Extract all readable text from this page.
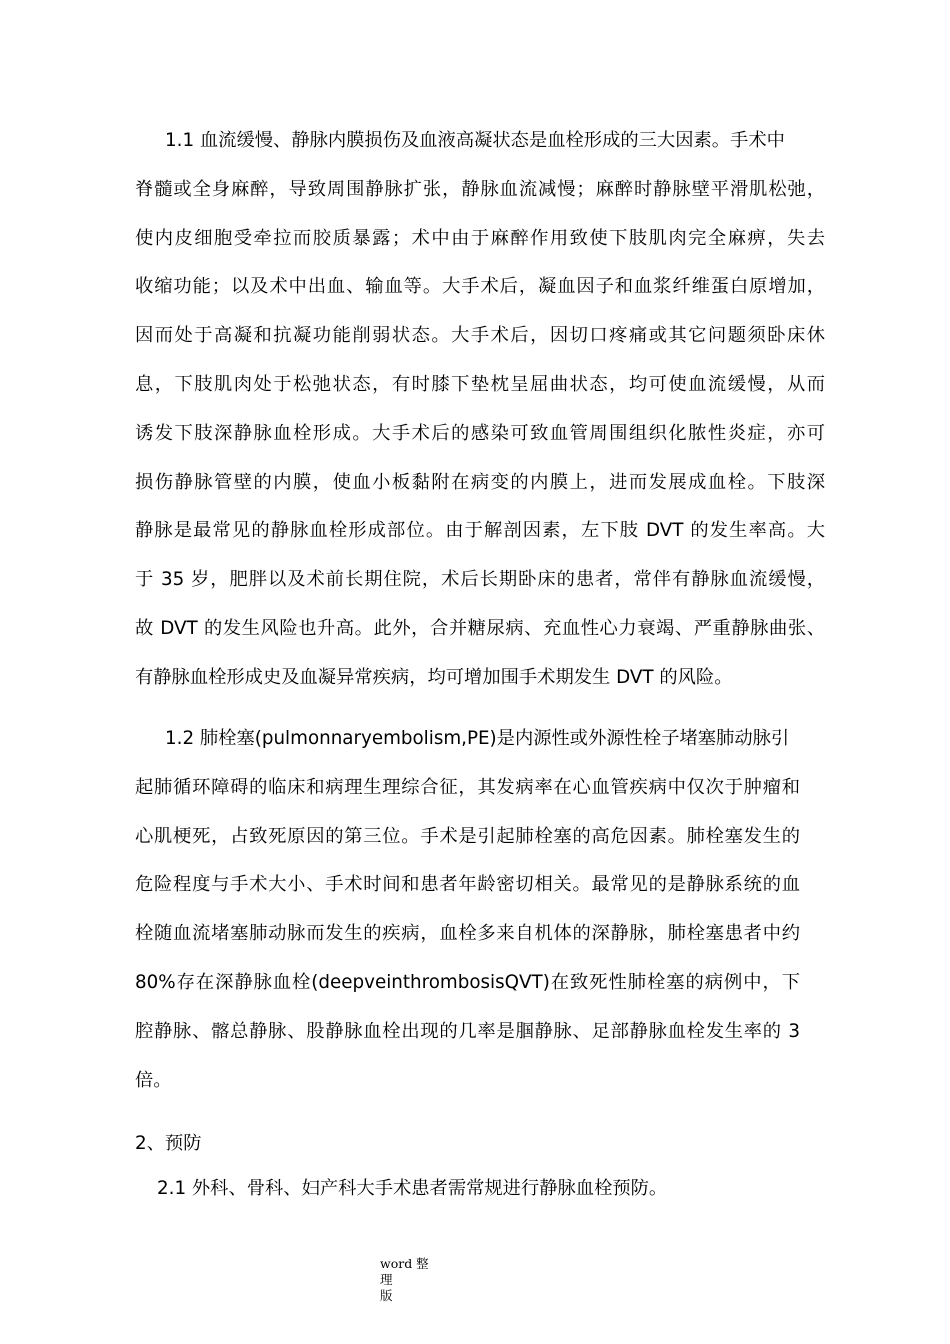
1.1 血流缓慢、静脉内膜损伤及血液高凝状态是血栓形成的三大因素。手术中
脊髓或全身麻醉，导致周围静脉扩张，静脉血流减慢；麻醉时静脉壁平滑肌松弛，
使内皮细胞受牵拉而胶质暴露；术中由于麻醉作用致使下肢肌肉完全麻痹，失去
收缩功能；以及术中出血、输血等。大手术后，凝血因子和血浆纤维蛋白原增加，
因而处于高凝和抗凝功能削弱状态。大手术后，因切口疼痛或其它问题须卧床休
息，下肢肌肉处于松弛状态，有时膝下垫枕呈屈曲状态，均可使血流缓慢，从而
诱发下肢深静脉血栓形成。大手术后的感染可致血管周围组织化脓性炎症，亦可
损伤静脉管壁的内膜，使血小板黏附在病变的内膜上，进而发展成血栓。下肢深
静脉是最常见的静脉血栓形成部位。由于解剖因素，左下肢 DVT 的发生率高。大
于 35 岁，肥胖以及术前长期住院，术后长期卧床的患者，常伴有静脉血流缓慢，
故 DVT 的发生风险也升高。此外，合并糖尿病、充血性心力衰竭、严重静脉曲张、
有静脉血栓形成史及血凝异常疾病，均可增加围手术期发生 DVT 的风险。
1.2 肺栓塞(pulmonnaryembolism,PE)是内源性或外源性栓子堵塞肺动脉引
起肺循环障碍的临床和病理生理综合征，其发病率在心血管疾病中仅次于肿瘤和
心肌梗死，占致死原因的第三位。手术是引起肺栓塞的高危因素。肺栓塞发生的
危险程度与手术大小、手术时间和患者年龄密切相关。最常见的是静脉系统的血
栓随血流堵塞肺动脉而发生的疾病，血栓多来自机体的深静脉，肺栓塞患者中约
80%存在深静脉血栓(deepveinthrombosisQVT)在致死性肺栓塞的病例中，下
腔静脉、髂总静脉、股静脉血栓出现的几率是腘静脉、足部静脉血栓发生率的 3
倍。

2、预防

2.1 外科、骨科、妇产科大手术患者需常规进行静脉血栓预防。

word 整理
版
